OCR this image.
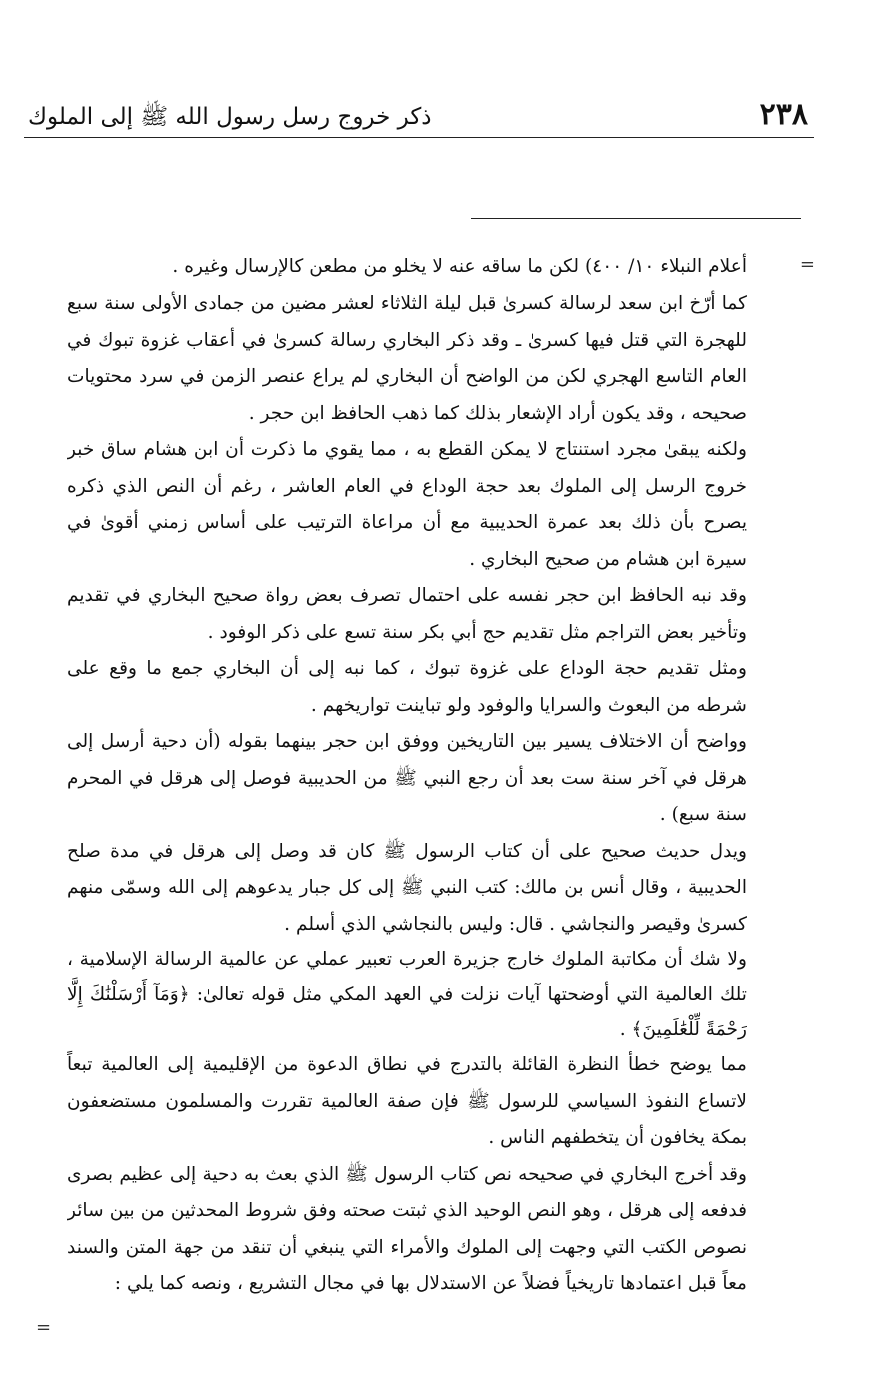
٢٣٨
ذكر خروج رسل رسول الله ﷺ إلى الملوك
=
=

أعلام النبلاء ١٠/ ٤٠٠) لكن ما ساقه عنه لا يخلو من مطعن كالإرسال وغيره .

كما أرّخ ابن سعد لرسالة كسرىٰ قبل ليلة الثلاثاء لعشر مضين من جمادى الأولى سنة سبع للهجرة التي قتل فيها كسرىٰ ـ وقد ذكر البخاري رسالة كسرىٰ في أعقاب غزوة تبوك في العام التاسع الهجري لكن من الواضح أن البخاري لم يراع عنصر الزمن في سرد محتويات صحيحه ، وقد يكون أراد الإشعار بذلك كما ذهب الحافظ ابن حجر .

ولكنه يبقىٰ مجرد استنتاج لا يمكن القطع به ، مما يقوي ما ذكرت أن ابن هشام ساق خبر خروج الرسل إلى الملوك بعد حجة الوداع في العام العاشر ، رغم أن النص الذي ذكره يصرح بأن ذلك بعد عمرة الحديبية مع أن مراعاة الترتيب على أساس زمني أقوىٰ في سيرة ابن هشام من صحيح البخاري .

وقد نبه الحافظ ابن حجر نفسه على احتمال تصرف بعض رواة صحيح البخاري في تقديم وتأخير بعض التراجم مثل تقديم حج أبي بكر سنة تسع على ذكر الوفود .

ومثل تقديم حجة الوداع على غزوة تبوك ، كما نبه إلى أن البخاري جمع ما وقع على شرطه من البعوث والسرايا والوفود ولو تباينت تواريخهم .

وواضح أن الاختلاف يسير بين التاريخين ووفق ابن حجر بينهما بقوله (أن دحية أرسل إلى هرقل في آخر سنة ست بعد أن رجع النبي ﷺ من الحديبية فوصل إلى هرقل في المحرم سنة سبع) .

ويدل حديث صحيح على أن كتاب الرسول ﷺ كان قد وصل إلى هرقل في مدة صلح الحديبية ، وقال أنس بن مالك: كتب النبي ﷺ إلى كل جبار يدعوهم إلى الله وسمّى منهم كسرىٰ وقيصر والنجاشي . قال: وليس بالنجاشي الذي أسلم .

ولا شك أن مكاتبة الملوك خارج جزيرة العرب تعبير عملي عن عالمية الرسالة الإسلامية ، تلك العالمية التي أوضحتها آيات نزلت في العهد المكي مثل قوله تعالىٰ: ﴿وَمَآ أَرْسَلْنَٰكَ إِلَّا رَحْمَةً لِّلْعَٰلَمِينَ﴾ .

مما يوضح خطأ النظرة القائلة بالتدرج في نطاق الدعوة من الإقليمية إلى العالمية تبعاً لاتساع النفوذ السياسي للرسول ﷺ فإن صفة العالمية تقررت والمسلمون مستضعفون بمكة يخافون أن يتخطفهم الناس .

وقد أخرج البخاري في صحيحه نص كتاب الرسول ﷺ الذي بعث به دحية إلى عظيم بصرى فدفعه إلى هرقل ، وهو النص الوحيد الذي ثبتت صحته وفق شروط المحدثين من بين سائر نصوص الكتب التي وجهت إلى الملوك والأمراء التي ينبغي أن تنقد من جهة المتن والسند معاً قبل اعتمادها تاريخياً فضلاً عن الاستدلال بها في مجال التشريع ، ونصه كما يلي :
